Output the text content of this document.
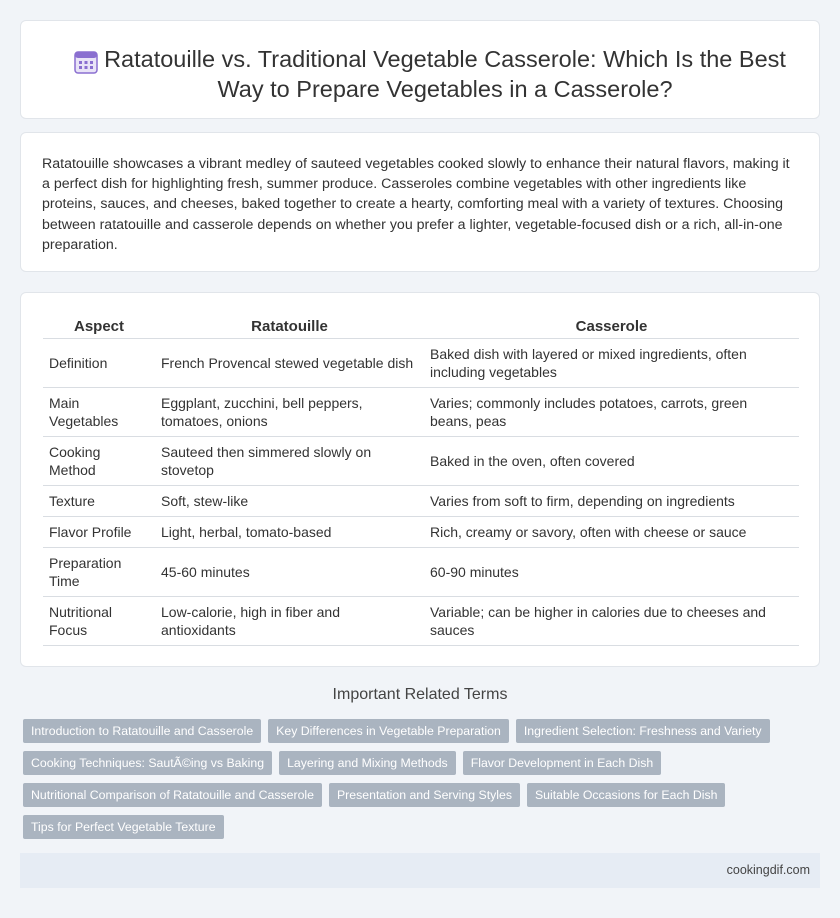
Ratatouille vs. Traditional Vegetable Casserole: Which Is the Best Way to Prepare Vegetables in a Casserole?

Ratatouille showcases a vibrant medley of sauteed vegetables cooked slowly to enhance their natural flavors, making it a perfect dish for highlighting fresh, summer produce. Casseroles combine vegetables with other ingredients like proteins, sauces, and cheeses, baked together to create a hearty, comforting meal with a variety of textures. Choosing between ratatouille and casserole depends on whether you prefer a lighter, vegetable-focused dish or a rich, all-in-one preparation.

Aspect	Ratatouille	Casserole
Definition	French Provencal stewed vegetable dish	Baked dish with layered or mixed ingredients, often including vegetables
Main Vegetables	Eggplant, zucchini, bell peppers, tomatoes, onions	Varies; commonly includes potatoes, carrots, green beans, peas
Cooking Method	Sauteed then simmered slowly on stovetop	Baked in the oven, often covered
Texture	Soft, stew-like	Varies from soft to firm, depending on ingredients
Flavor Profile	Light, herbal, tomato-based	Rich, creamy or savory, often with cheese or sauce
Preparation Time	45-60 minutes	60-90 minutes
Nutritional Focus	Low-calorie, high in fiber and antioxidants	Variable; can be higher in calories due to cheeses and sauces
Important Related Terms
Introduction to Ratatouille and Casserole	Key Differences in Vegetable Preparation	Ingredient Selection: Freshness and Variety
Cooking Techniques: SautÃ©ing vs Baking	Layering and Mixing Methods	Flavor Development in Each Dish
Nutritional Comparison of Ratatouille and Casserole	Presentation and Serving Styles	Suitable Occasions for Each Dish
Tips for Perfect Vegetable Texture
cookingdif.com
